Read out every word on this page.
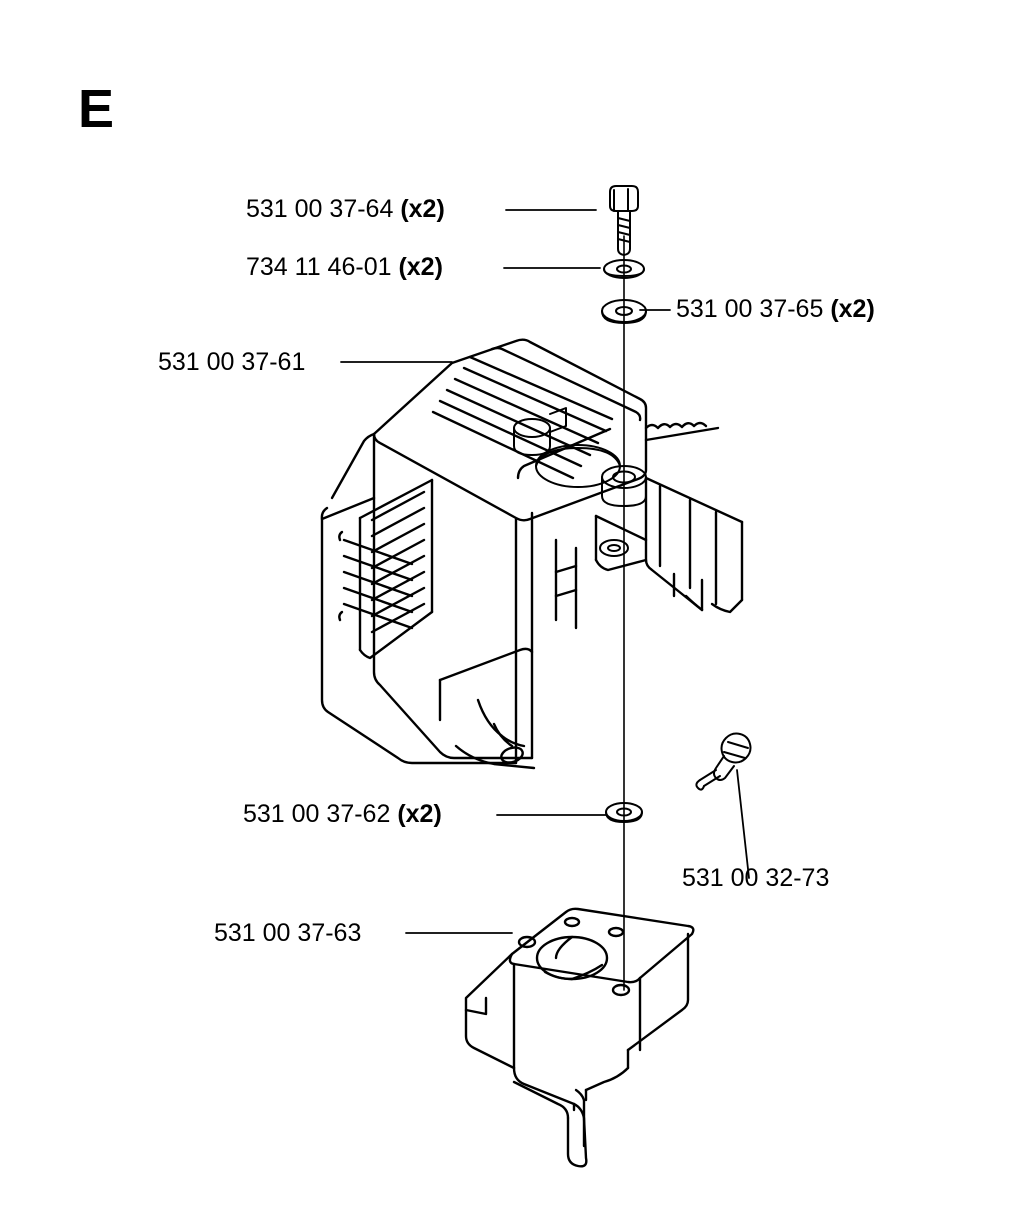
E
531 00 37-64 (x2)
734 11 46-01 (x2)
531 00 37-65 (x2)
531 00 37-61
531 00 37-62 (x2)
531 00 32-73
531 00 37-63
